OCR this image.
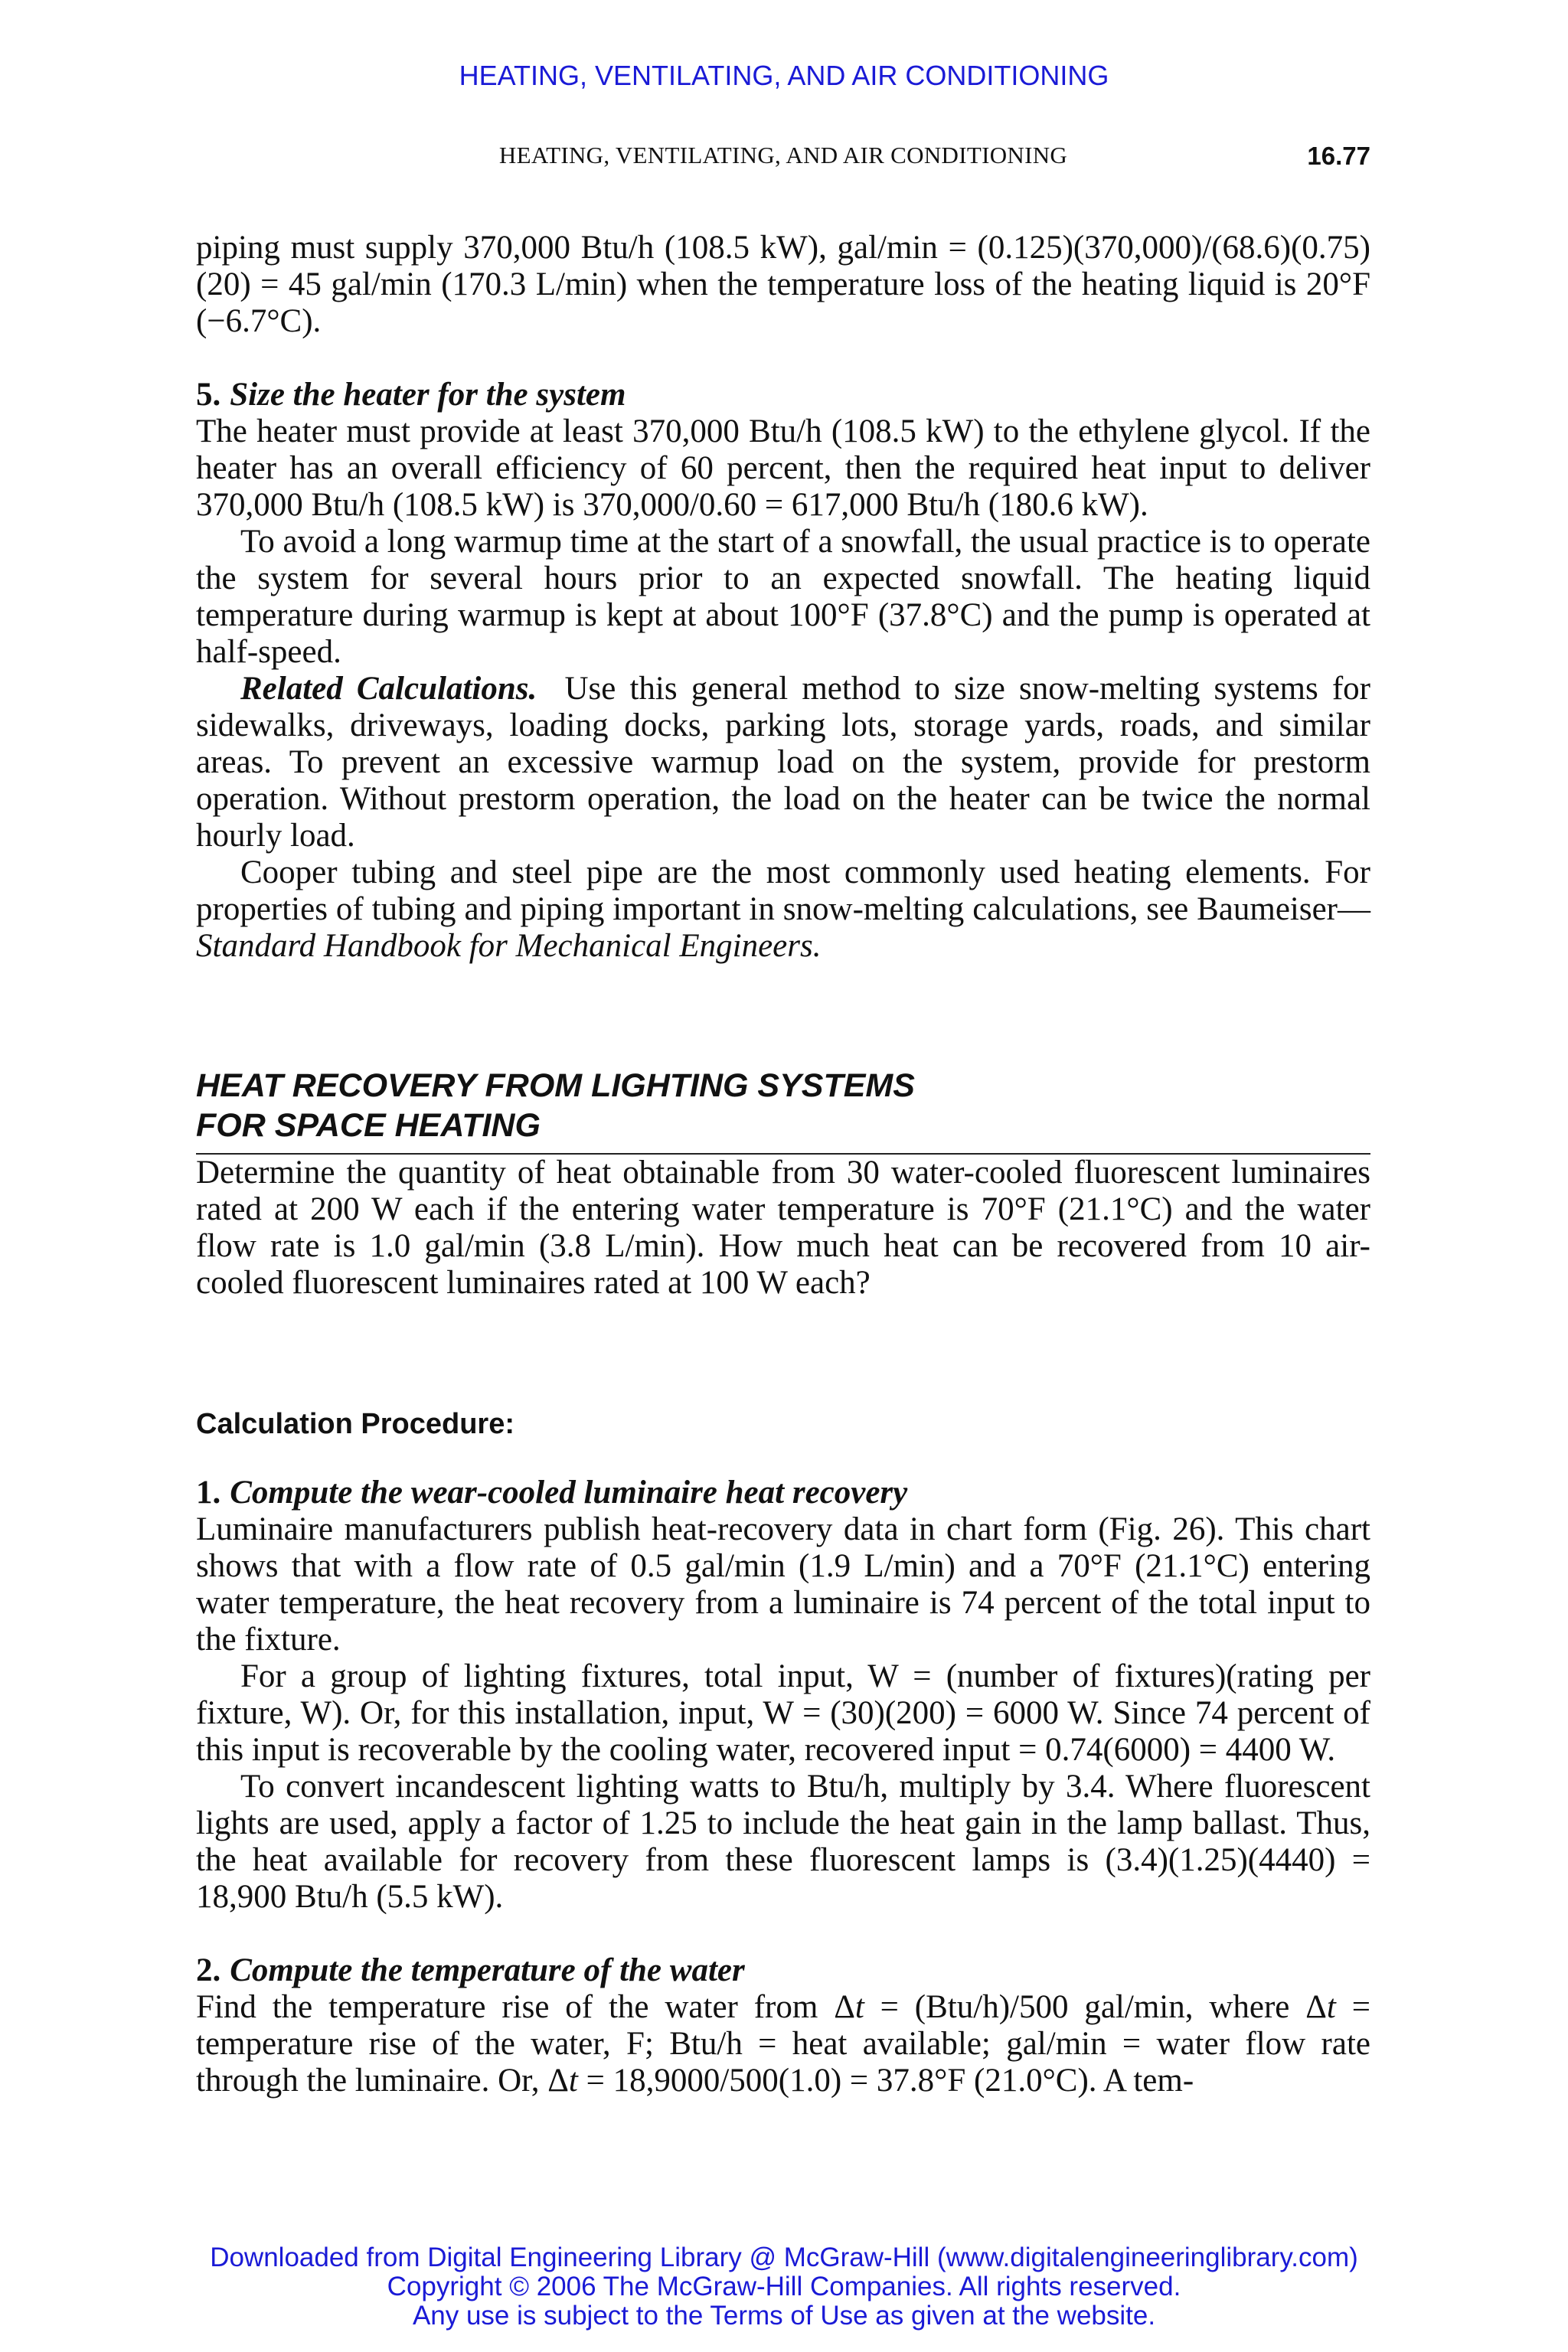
HEATING, VENTILATING, AND AIR CONDITIONING
HEATING, VENTILATING, AND AIR CONDITIONING	16.77

piping must supply 370,000 Btu/h (108.5 kW), gal/min = (0.125)(370,000)/(68.6)(0.75)(20) = 45 gal/min (170.3 L/min) when the temperature loss of the heating liquid is 20°F (−6.7°C).

5. Size the heater for the system

The heater must provide at least 370,000 Btu/h (108.5 kW) to the ethylene glycol. If the heater has an overall efficiency of 60 percent, then the required heat input to deliver 370,000 Btu/h (108.5 kW) is 370,000/0.60 = 617,000 Btu/h (180.6 kW).

To avoid a long warmup time at the start of a snowfall, the usual practice is to operate the system for several hours prior to an expected snowfall. The heating liquid temperature during warmup is kept at about 100°F (37.8°C) and the pump is operated at half-speed.

Related Calculations. Use this general method to size snow-melting systems for sidewalks, driveways, loading docks, parking lots, storage yards, roads, and similar areas. To prevent an excessive warmup load on the system, provide for prestorm operation. Without prestorm operation, the load on the heater can be twice the normal hourly load.

Cooper tubing and steel pipe are the most commonly used heating elements. For properties of tubing and piping important in snow-melting calculations, see Baumeiser—Standard Handbook for Mechanical Engineers.

HEAT RECOVERY FROM LIGHTING SYSTEMS
FOR SPACE HEATING

Determine the quantity of heat obtainable from 30 water-cooled fluorescent luminaires rated at 200 W each if the entering water temperature is 70°F (21.1°C) and the water flow rate is 1.0 gal/min (3.8 L/min). How much heat can be recovered from 10 air-cooled fluorescent luminaires rated at 100 W each?

Calculation Procedure:
1. Compute the wear-cooled luminaire heat recovery

Luminaire manufacturers publish heat-recovery data in chart form (Fig. 26). This chart shows that with a flow rate of 0.5 gal/min (1.9 L/min) and a 70°F (21.1°C) entering water temperature, the heat recovery from a luminaire is 74 percent of the total input to the fixture.

For a group of lighting fixtures, total input, W = (number of fixtures)(rating per fixture, W). Or, for this installation, input, W = (30)(200) = 6000 W. Since 74 percent of this input is recoverable by the cooling water, recovered input = 0.74(6000) = 4400 W.

To convert incandescent lighting watts to Btu/h, multiply by 3.4. Where fluorescent lights are used, apply a factor of 1.25 to include the heat gain in the lamp ballast. Thus, the heat available for recovery from these fluorescent lamps is (3.4)(1.25)(4440) = 18,900 Btu/h (5.5 kW).

2. Compute the temperature of the water

Find the temperature rise of the water from Δt = (Btu/h)/500 gal/min, where Δt = temperature rise of the water, F; Btu/h = heat available; gal/min = water flow rate through the luminaire. Or, Δt = 18,9000/500(1.0) = 37.8°F (21.0°C). A tem-

Downloaded from Digital Engineering Library @ McGraw-Hill (www.digitalengineeringlibrary.com)
Copyright © 2006 The McGraw-Hill Companies. All rights reserved.
Any use is subject to the Terms of Use as given at the website.
